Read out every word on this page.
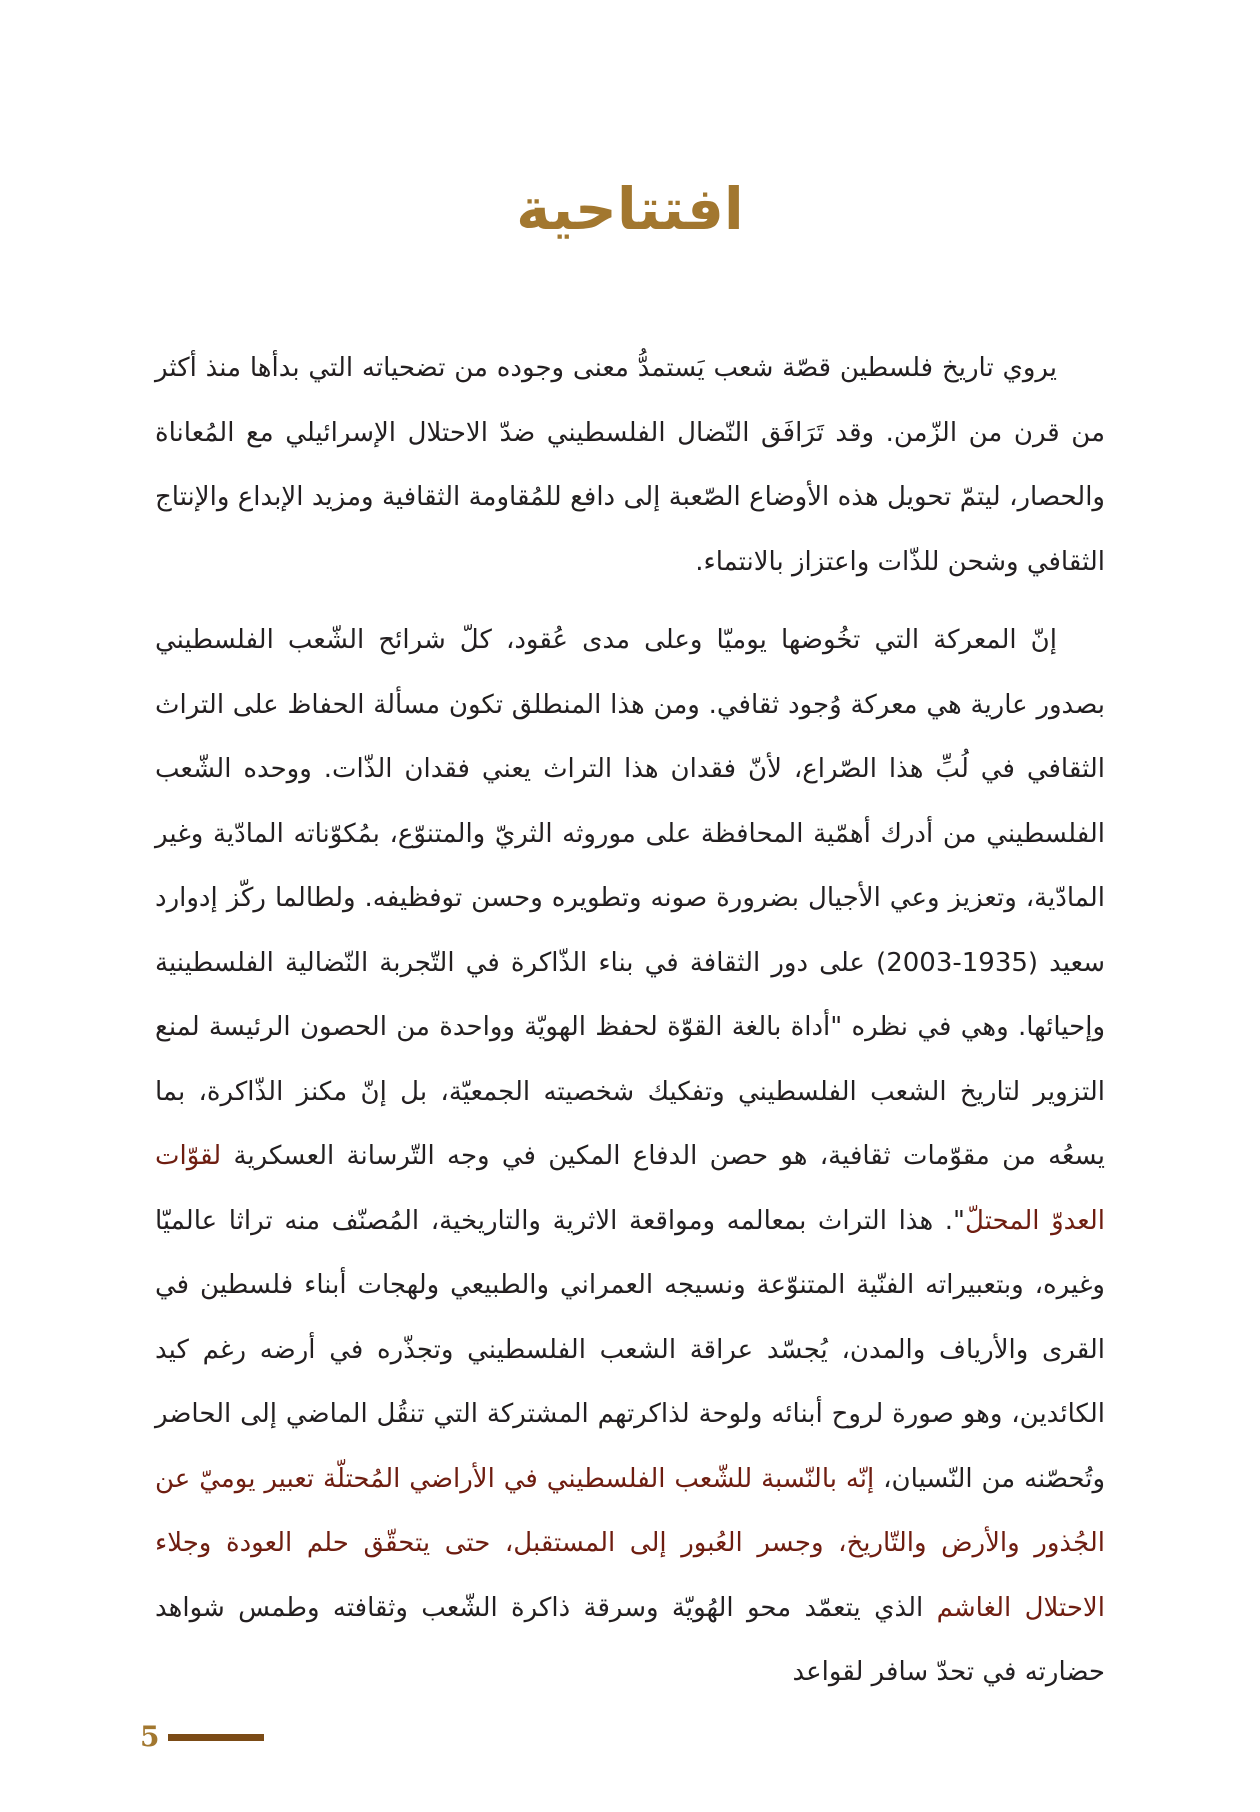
افتتاحية

يروي تاريخ فلسطين قصّة شعب يَستمدُّ معنى وجوده من تضحياته التي بدأها منذ أكثر من قرن من الزّمن. وقد تَرَافَق النّضال الفلسطيني ضدّ الاحتلال الإسرائيلي مع المُعاناة والحصار، ليتمّ تحويل هذه الأوضاع الصّعبة إلى دافع للمُقاومة الثقافية ومزيد الإبداع والإنتاج الثقافي وشحن للذّات واعتزاز بالانتماء.

إنّ المعركة التي تخُوضها يوميّا وعلى مدى عُقود، كلّ شرائح الشّعب الفلسطيني بصدور عارية هي معركة وُجود ثقافي. ومن هذا المنطلق تكون مسألة الحفاظ على التراث الثقافي في لُبِّ هذا الصّراع، لأنّ فقدان هذا التراث يعني فقدان الذّات. ووحده الشّعب الفلسطيني من أدرك أهمّية المحافظة على موروثه الثريّ والمتنوّع، بمُكوّناته المادّية وغير المادّية، وتعزيز وعي الأجيال بضرورة صونه وتطويره وحسن توفظيفه. ولطالما ركّز إدوارد سعيد (1935-2003) على دور الثقافة في بناء الذّاكرة في التّجربة النّضالية الفلسطينية وإحيائها. وهي في نظره "أداة بالغة القوّة لحفظ الهويّة وواحدة من الحصون الرئيسة لمنع التزوير لتاريخ الشعب الفلسطيني وتفكيك شخصيته الجمعيّة، بل إنّ مكنز الذّاكرة، بما يسعُه من مقوّمات ثقافية، هو حصن الدفاع المكين في وجه التّرسانة العسكرية لقوّات العدوّ المحتلّ". هذا التراث بمعالمه ومواقعة الاثرية والتاريخية، المُصنّف منه تراثا عالميّا وغيره، وبتعبيراته الفنّية المتنوّعة ونسيجه العمراني والطبيعي ولهجات أبناء فلسطين في القرى والأرياف والمدن، يُجسّد عراقة الشعب الفلسطيني وتجذّره في أرضه رغم كيد الكائدين، وهو صورة لروح أبنائه ولوحة لذاكرتهم المشتركة التي تنقُل الماضي إلى الحاضر وتُحصّنه من النّسيان، إنّه بالنّسبة للشّعب الفلسطيني في الأراضي المُحتلّة تعبير يوميّ عن الجُذور والأرض والتّاريخ، وجسر العُبور إلى المستقبل، حتى يتحقّق حلم العودة وجلاء الاحتلال الغاشم الذي يتعمّد محو الهُويّة وسرقة ذاكرة الشّعب وثقافته وطمس شواهد حضارته في تحدّ سافر لقواعد

5
